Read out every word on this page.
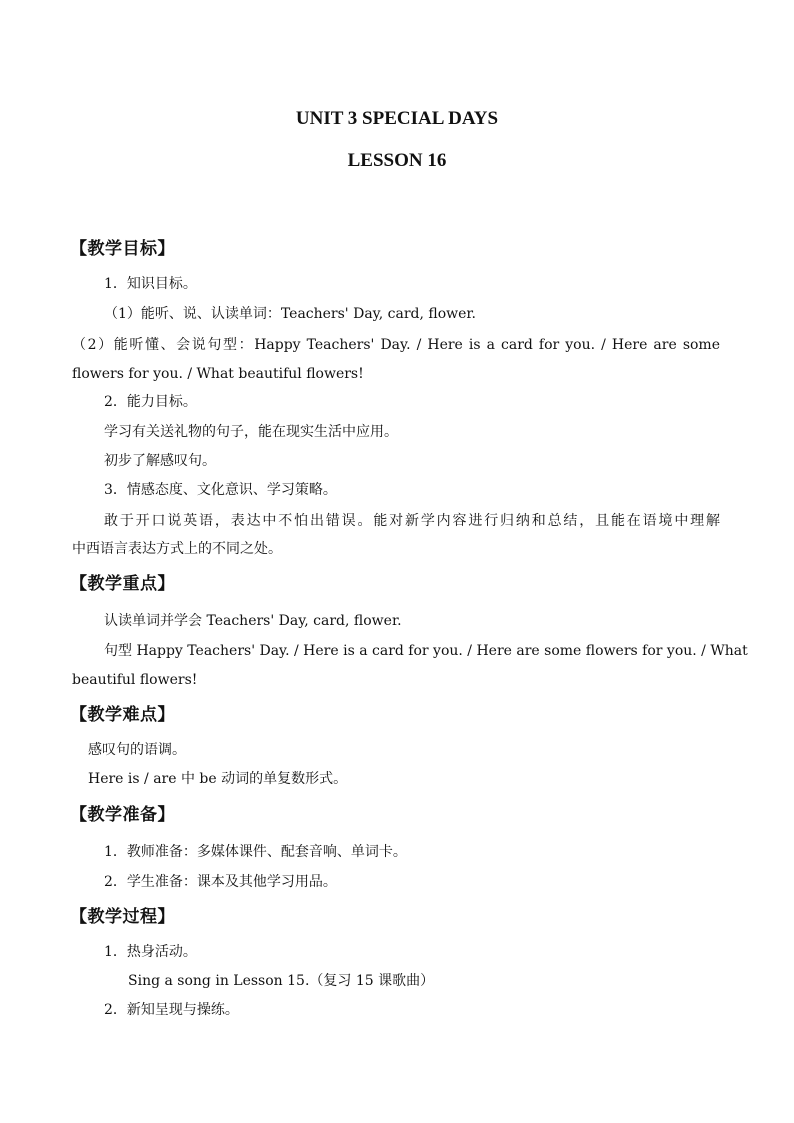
UNIT 3 SPECIAL DAYS
LESSON 16
【教学目标】
1．知识目标。
（1）能听、说、认读单词：Teachers' Day, card, flower.
（2）能听懂、会说句型：Happy Teachers' Day. / Here is a card for you. / Here are some
flowers for you. / What beautiful flowers!
2．能力目标。
学习有关送礼物的句子，能在现实生活中应用。
初步了解感叹句。
3．情感态度、文化意识、学习策略。
敢于开口说英语，表达中不怕出错误。能对新学内容进行归纳和总结，且能在语境中理解
中西语言表达方式上的不同之处。
【教学重点】
认读单词并学会 Teachers' Day, card, flower.
句型 Happy Teachers' Day. / Here is a card for you. / Here are some flowers for you. / What
beautiful flowers!
【教学难点】
感叹句的语调。
Here is / are 中 be 动词的单复数形式。
【教学准备】
1．教师准备：多媒体课件、配套音响、单词卡。
2．学生准备：课本及其他学习用品。
【教学过程】
1．热身活动。
Sing a song in Lesson 15.（复习 15 课歌曲）
2．新知呈现与操练。
